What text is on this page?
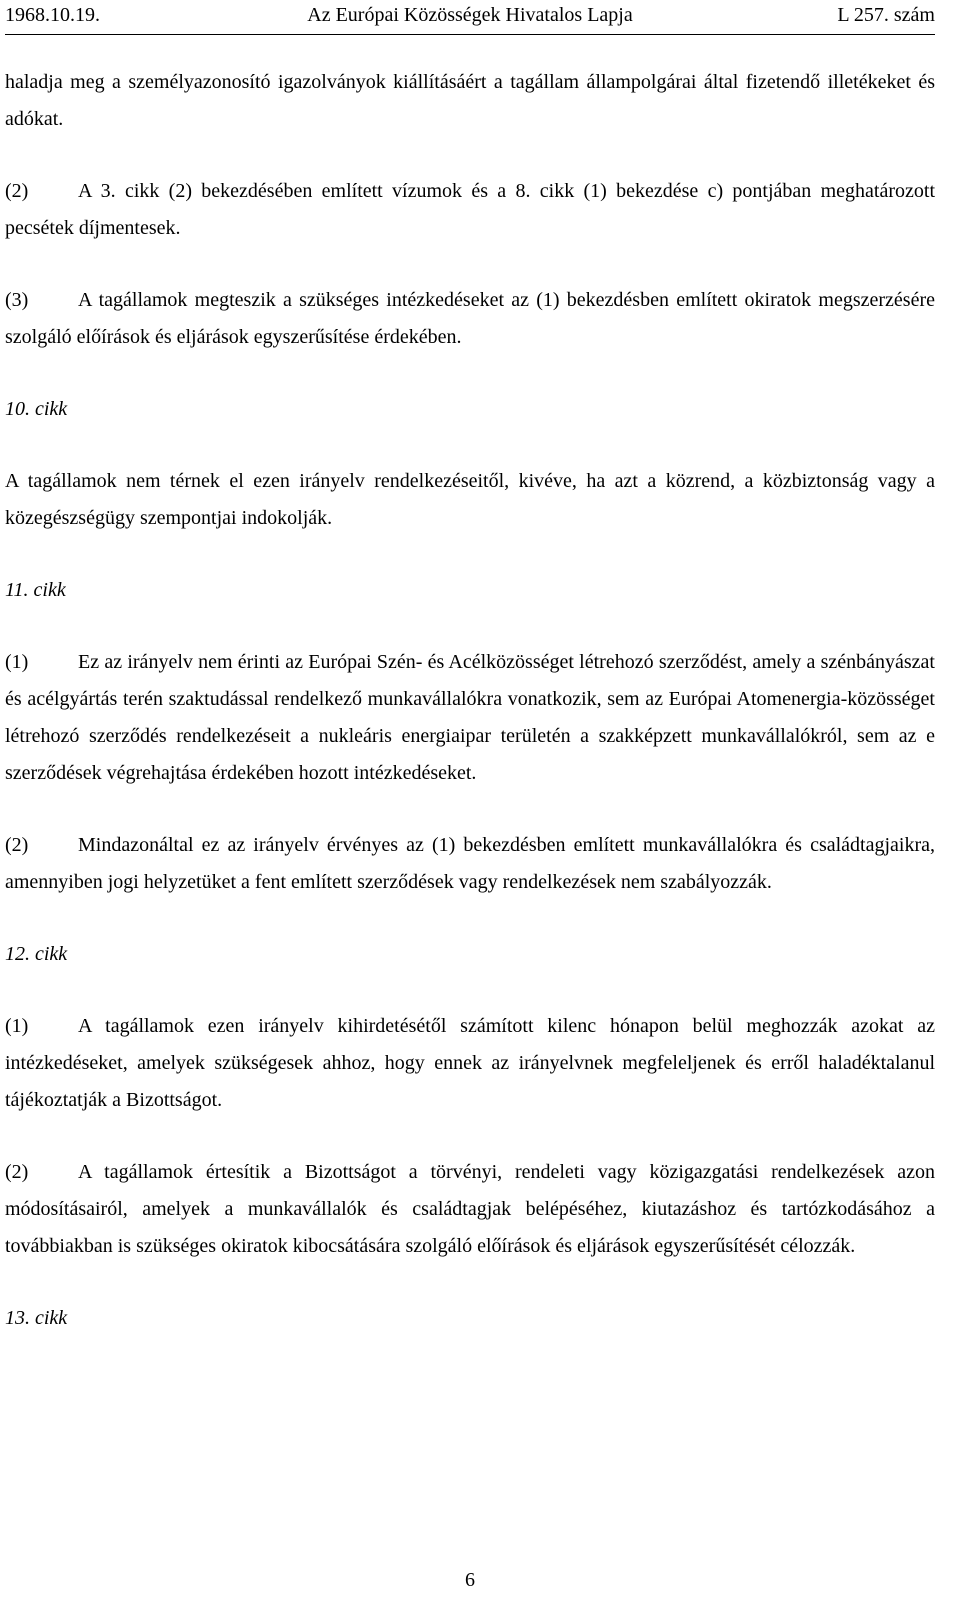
1968.10.19.	Az Európai Közösségek Hivatalos Lapja	L 257. szám

haladja meg a személyazonosító igazolványok kiállításáért a tagállam állampolgárai által fizetendő illetékeket és adókat.

(2) A 3. cikk (2) bekezdésében említett vízumok és a 8. cikk (1) bekezdése c) pontjában meghatározott pecsétek díjmentesek.

(3) A tagállamok megteszik a szükséges intézkedéseket az (1) bekezdésben említett okiratok megszerzésére szolgáló előírások és eljárások egyszerűsítése érdekében.

10. cikk

A tagállamok nem térnek el ezen irányelv rendelkezéseitől, kivéve, ha azt a közrend, a közbiztonság vagy a közegészségügy szempontjai indokolják.

11. cikk

(1) Ez az irányelv nem érinti az Európai Szén- és Acélközösséget létrehozó szerződést, amely a szénbányászat és acélgyártás terén szaktudással rendelkező munkavállalókra vonatkozik, sem az Európai Atomenergia-közösséget létrehozó szerződés rendelkezéseit a nukleáris energiaipar területén a szakképzett munkavállalókról, sem az e szerződések végrehajtása érdekében hozott intézkedéseket.

(2) Mindazonáltal ez az irányelv érvényes az (1) bekezdésben említett munkavállalókra és családtagjaikra, amennyiben jogi helyzetüket a fent említett szerződések vagy rendelkezések nem szabályozzák.

12. cikk

(1) A tagállamok ezen irányelv kihirdetésétől számított kilenc hónapon belül meghozzák azokat az intézkedéseket, amelyek szükségesek ahhoz, hogy ennek az irányelvnek megfeleljenek és erről haladéktalanul tájékoztatják a Bizottságot.

(2) A tagállamok értesítik a Bizottságot a törvényi, rendeleti vagy közigazgatási rendelkezések azon módosításairól, amelyek a munkavállalók és családtagjak belépéséhez, kiutazáshoz és tartózkodásához a továbbiakban is szükséges okiratok kibocsátására szolgáló előírások és eljárások egyszerűsítését célozzák.

13. cikk

6
